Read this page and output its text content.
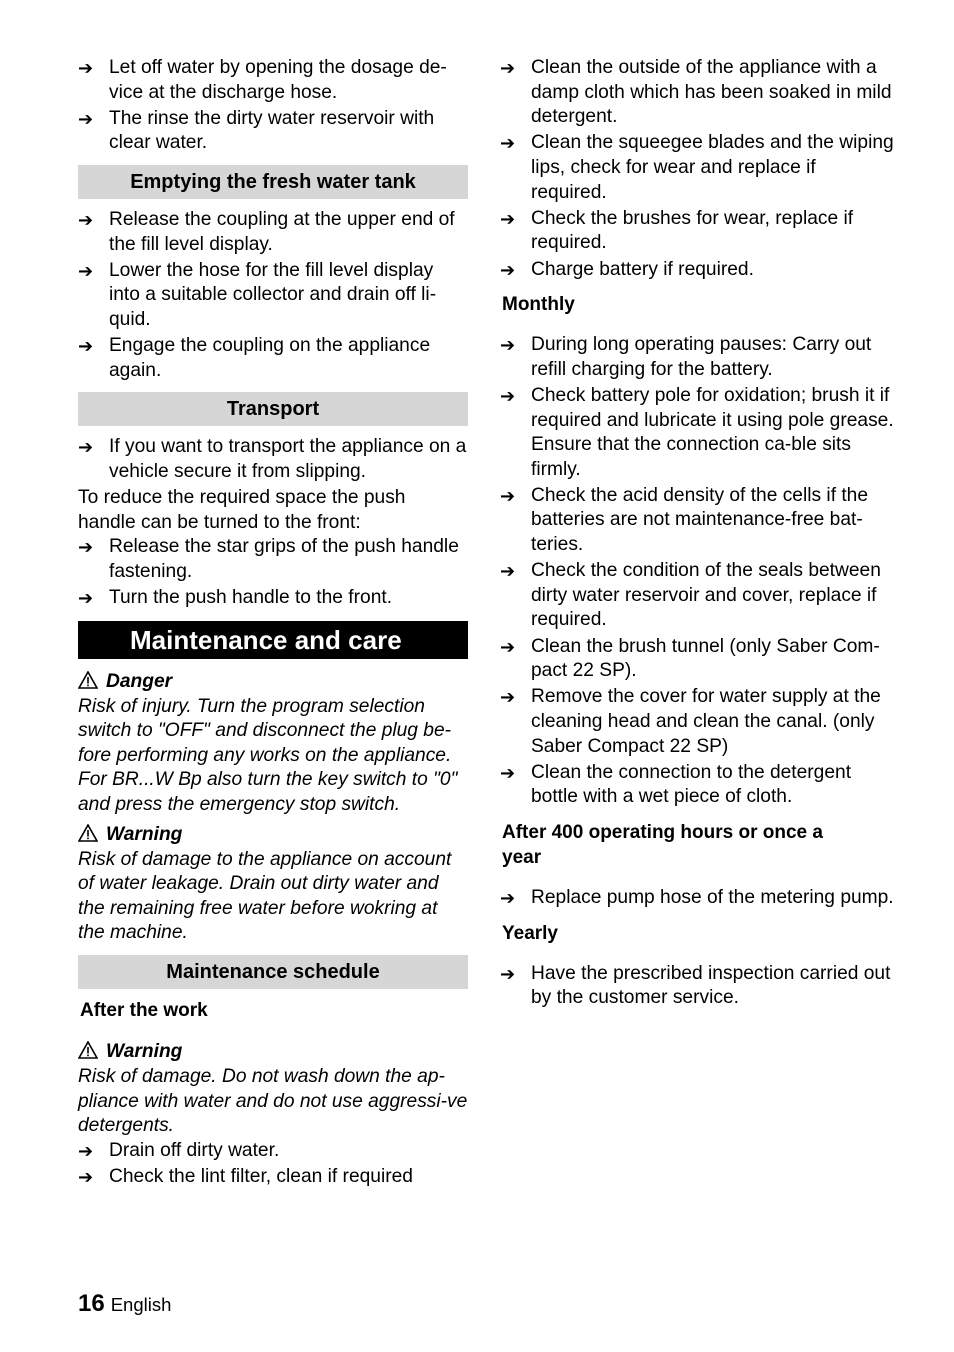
➔ Let off water by opening the dosage de-vice at the discharge hose.
➔ The rinse the dirty water reservoir with clear water.
Emptying the fresh water tank
➔ Release the coupling at the upper end of the fill level display.
➔ Lower the hose for the fill level display into a suitable collector and drain off li-quid.
➔ Engage the coupling on the appliance again.
Transport
➔ If you want to transport the appliance on a vehicle secure it from slipping.

To reduce the required space the push handle can be turned to the front:

➔ Release the star grips of the push handle fastening.
➔ Turn the push handle to the front.
Maintenance and care

Danger

Risk of injury. Turn the program selection switch to "OFF" and disconnect the plug be-fore performing any works on the appliance. For BR...W Bp also turn the key switch to "0" and press the emergency stop switch.

Warning

Risk of damage to the appliance on account of water leakage. Drain out dirty water and the remaining free water before wokring at the machine.

Maintenance schedule

After the work

Warning

Risk of damage. Do not wash down the ap-pliance with water and do not use aggressi-ve detergents.

➔ Drain off dirty water.
➔ Check the lint filter, clean if required
➔ Clean the outside of the appliance with a damp cloth which has been soaked in mild detergent.
➔ Clean the squeegee blades and the wiping lips, check for wear and replace if required.
➔ Check the brushes for wear, replace if required.
➔ Charge battery if required.

Monthly

➔ During long operating pauses: Carry out refill charging for the battery.
➔ Check battery pole for oxidation; brush it if required and lubricate it using pole grease. Ensure that the connection ca-ble sits firmly.
➔ Check the acid density of the cells if the batteries are not maintenance-free bat-teries.
➔ Check the condition of the seals between dirty water reservoir and cover, replace if required.
➔ Clean the brush tunnel (only Saber Com-pact 22 SP).
➔ Remove the cover for water supply at the cleaning head and clean the canal. (only Saber Compact 22 SP)
➔ Clean the connection to the detergent bottle with a wet piece of cloth.

After 400 operating hours or once a year

➔ Replace pump hose of the metering pump.

Yearly

➔ Have the prescribed inspection carried out by the customer service.
16 English
